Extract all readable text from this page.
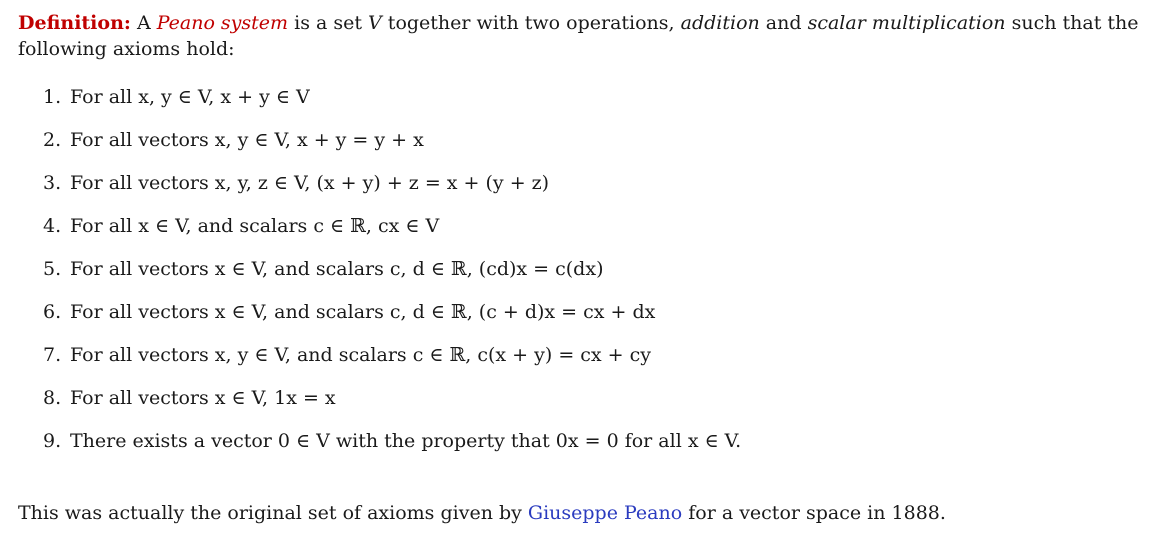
Definition: A Peano system is a set V together with two operations, addition and scalar multiplication such that the following axioms hold:

1. For all x, y ∈ V, x + y ∈ V
2. For all vectors x, y ∈ V, x + y = y + x
3. For all vectors x, y, z ∈ V, (x + y) + z = x + (y + z)
4. For all x ∈ V, and scalars c ∈ ℝ, cx ∈ V
5. For all vectors x ∈ V, and scalars c, d ∈ ℝ, (cd)x = c(dx)
6. For all vectors x ∈ V, and scalars c, d ∈ ℝ, (c + d)x = cx + dx
7. For all vectors x, y ∈ V, and scalars c ∈ ℝ, c(x + y) = cx + cy
8. For all vectors x ∈ V, 1x = x
9. There exists a vector 0 ∈ V with the property that 0x = 0 for all x ∈ V.

This was actually the original set of axioms given by Giuseppe Peano for a vector space in 1888.
